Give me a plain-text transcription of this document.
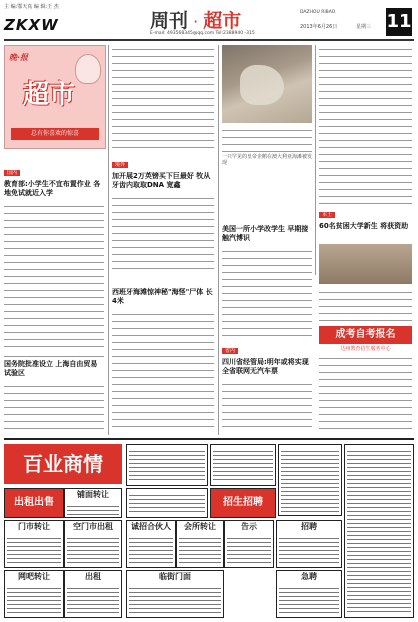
主 编:鄂天真 编 辑:王 杰
ZKXW	周刊 · 超市
E-mail: 493568345@qq.com Tel:2388940 -315
DAZHOU RIBAO
2013年6月26日	星期三 11
晚·报
超市
总有你喜欢的惊喜
国内
教育部:小学生不宜布置作业 各地免试就近入学
国务院批准设立 上海自由贸易试验区
境外
加开展2万英镑买下巨最好 牧从牙齿内取取DNA 宽鑫
西班牙海滩惊神秘"海怪"尸体 长4米
一只罕见的皇帝企鹅在澳大利亚海滩被发现
本土
60名贫困大学新生 将获资助
美国一所小学改学生 早期接触汽博识
省内
四川省经管局:明年或将实现 全省联网无汽车票
成考自考报名
达州教育招生服务中心
百业商情
出租出售
铺面转让
招生招聘
门市转让	空门市出租	诚招合伙人	会所转让	告示	招聘
网吧转让	出租	临街门面	急聘
